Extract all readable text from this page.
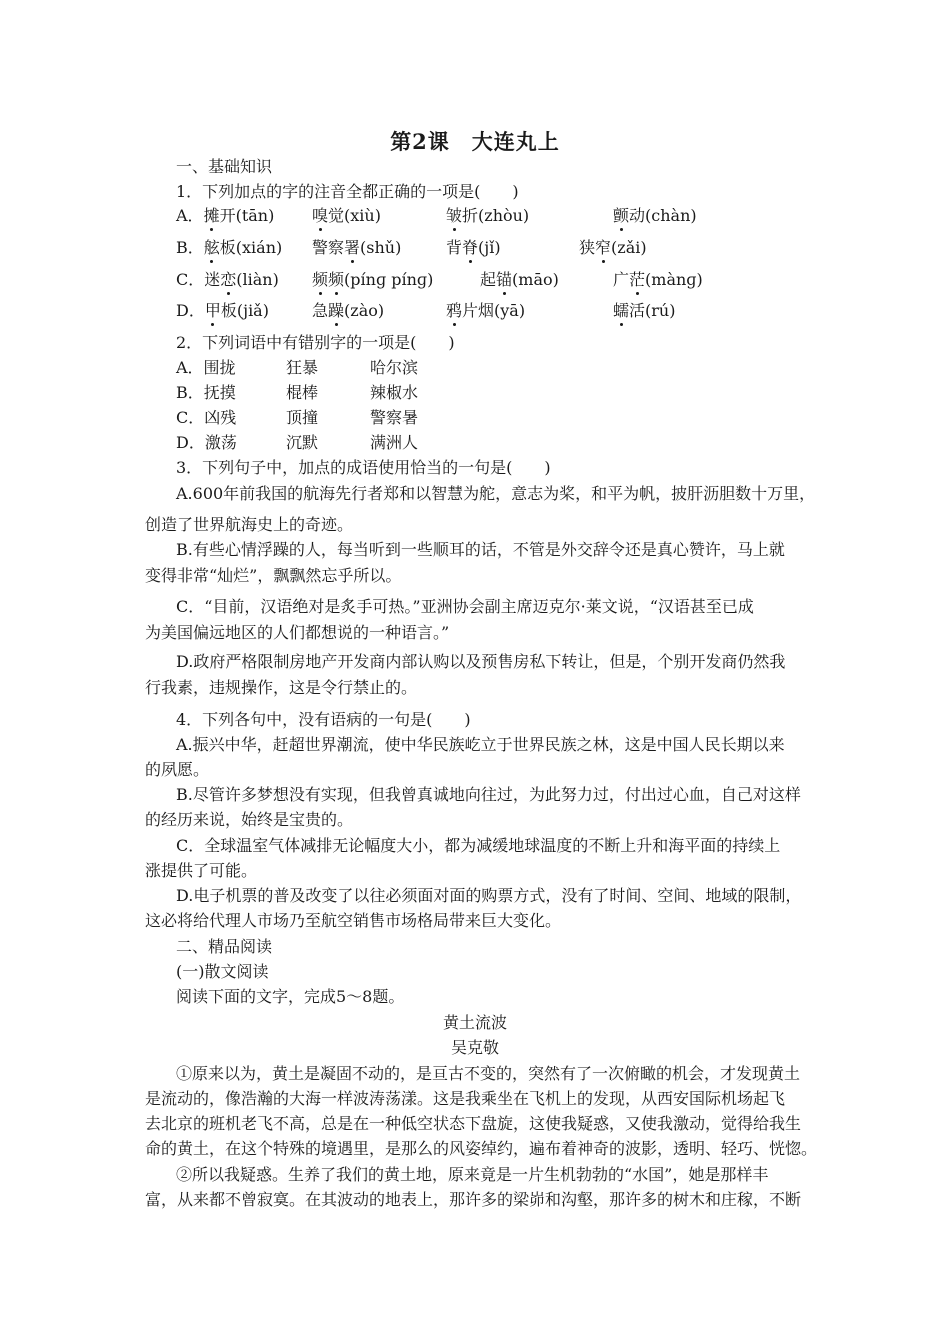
第2课　大连丸上
一、基础知识
1．下列加点的字的注音全都正确的一项是(　　)
A．摊开(tān) 嗅觉(xiù)	皱折(zhòu)	颤动(chàn)
B．舷板(xián) 警察署(shǔ)	背脊(jǐ)	狭窄(zǎi)
C．迷恋(liàn) 频频(pínɡ pínɡ)	起锚(māo)	广茫(mànɡ)
D．甲板(jiǎ)	急躁(zào)	鸦片烟(yā)	蠕活(rú)
2．下列词语中有错别字的一项是(　　)
A．围拢	狂暴	哈尔滨
B．抚摸	棍棒	辣椒水
C．凶残	顶撞	警察暑
D．激荡	沉默	满洲人
3．下列句子中，加点的成语使用恰当的一句是(　　)
A.600年前我国的航海先行者郑和以智慧为舵，意志为桨，和平为帆，披肝沥胆数十万里，
创造了世界航海史上的奇迹。
B.有些心情浮躁的人，每当听到一些顺耳的话，不管是外交辞令还是真心赞许，马上就
变得非常“灿烂”，飘飘然忘乎所以。
C．“目前，汉语绝对是炙手可热。”亚洲协会副主席迈克尔·莱文说，“汉语甚至已成
为美国偏远地区的人们都想说的一种语言。”
D.政府严格限制房地产开发商内部认购以及预售房私下转让，但是，个别开发商仍然我
行我素，违规操作，这是令行禁止的。
4．下列各句中，没有语病的一句是(　　)
A.振兴中华，赶超世界潮流，使中华民族屹立于世界民族之林，这是中国人民长期以来
的夙愿。
B.尽管许多梦想没有实现，但我曾真诚地向往过，为此努力过，付出过心血，自己对这样
的经历来说，始终是宝贵的。
C．全球温室气体减排无论幅度大小，都为减缓地球温度的不断上升和海平面的持续上
涨提供了可能。
D.电子机票的普及改变了以往必须面对面的购票方式，没有了时间、空间、地域的限制，
这必将给代理人市场乃至航空销售市场格局带来巨大变化。
二、精品阅读
(一)散文阅读
阅读下面的文字，完成5～8题。
黄土流波
吴克敬
①原来以为，黄土是凝固不动的，是亘古不变的，突然有了一次俯瞰的机会，才发现黄土
是流动的，像浩瀚的大海一样波涛荡漾。这是我乘坐在飞机上的发现，从西安国际机场起飞
去北京的班机老飞不高，总是在一种低空状态下盘旋，这使我疑惑，又使我激动，觉得给我生
命的黄土，在这个特殊的境遇里，是那么的风姿绰约，遍布着神奇的波影，透明、轻巧、恍惚。
②所以我疑惑。生养了我们的黄土地，原来竟是一片生机勃勃的“水国”，她是那样丰
富，从来都不曾寂寞。在其波动的地表上，那许多的梁峁和沟壑，那许多的树木和庄稼，不断
